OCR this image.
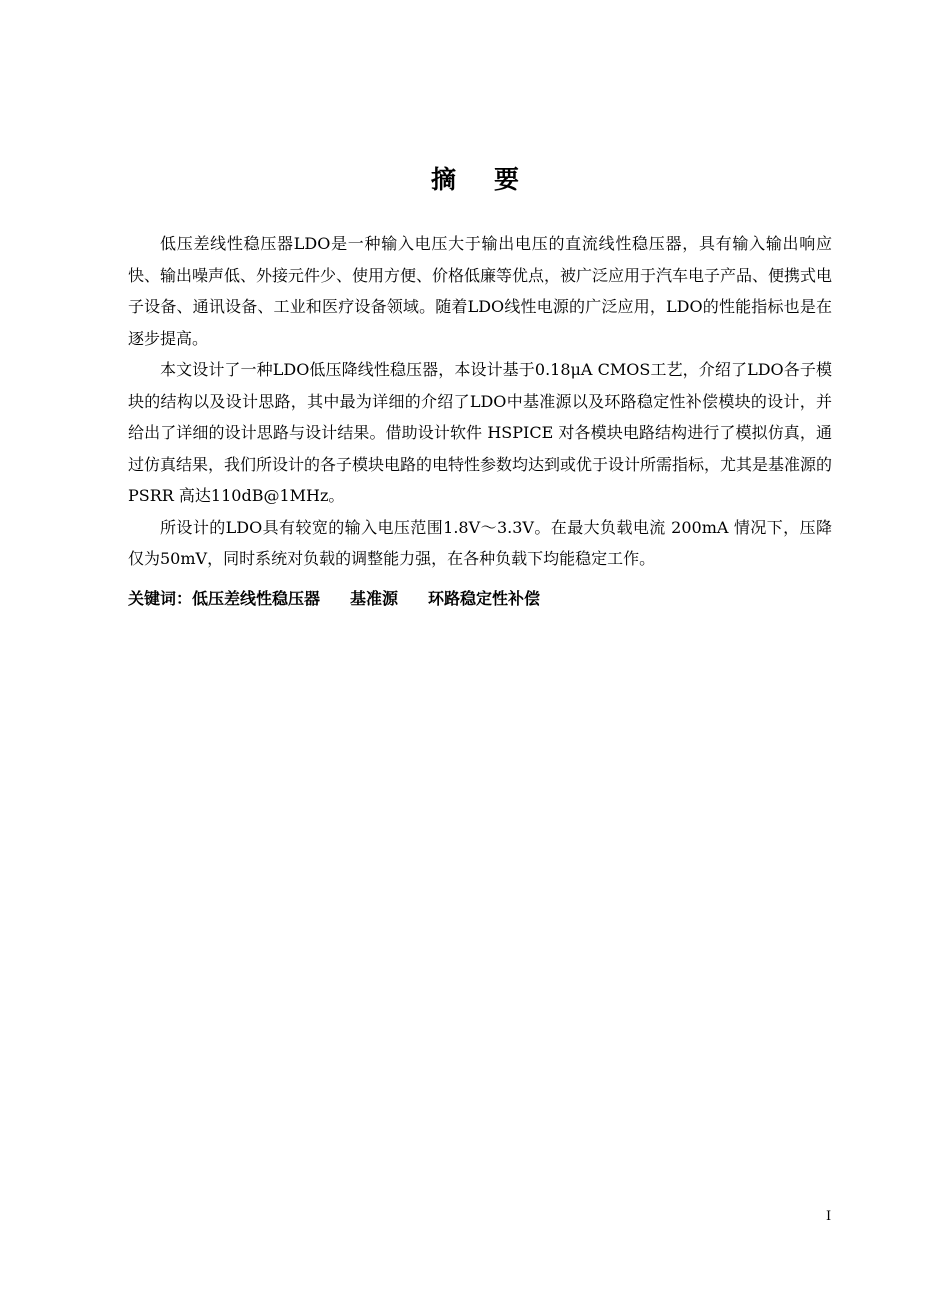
摘 要

低压差线性稳压器LDO是一种输入电压大于输出电压的直流线性稳压器，具有输入输出响应快、输出噪声低、外接元件少、使用方便、价格低廉等优点，被广泛应用于汽车电子产品、便携式电子设备、通讯设备、工业和医疗设备领域。随着LDO线性电源的广泛应用，LDO的性能指标也是在逐步提高。

本文设计了一种LDO低压降线性稳压器，本设计基于0.18μA CMOS工艺，介绍了LDO各子模块的结构以及设计思路，其中最为详细的介绍了LDO中基准源以及环路稳定性补偿模块的设计，并给出了详细的设计思路与设计结果。借助设计软件 HSPICE 对各模块电路结构进行了模拟仿真，通过仿真结果，我们所设计的各子模块电路的电特性参数均达到或优于设计所需指标，尤其是基准源的 PSRR 高达110dB@1MHz。

所设计的LDO具有较宽的输入电压范围1.8V～3.3V。在最大负载电流 200mA 情况下，压降仅为50mV，同时系统对负载的调整能力强，在各种负载下均能稳定工作。

关键词：低压差线性稳压器 基准源 环路稳定性补偿
I
